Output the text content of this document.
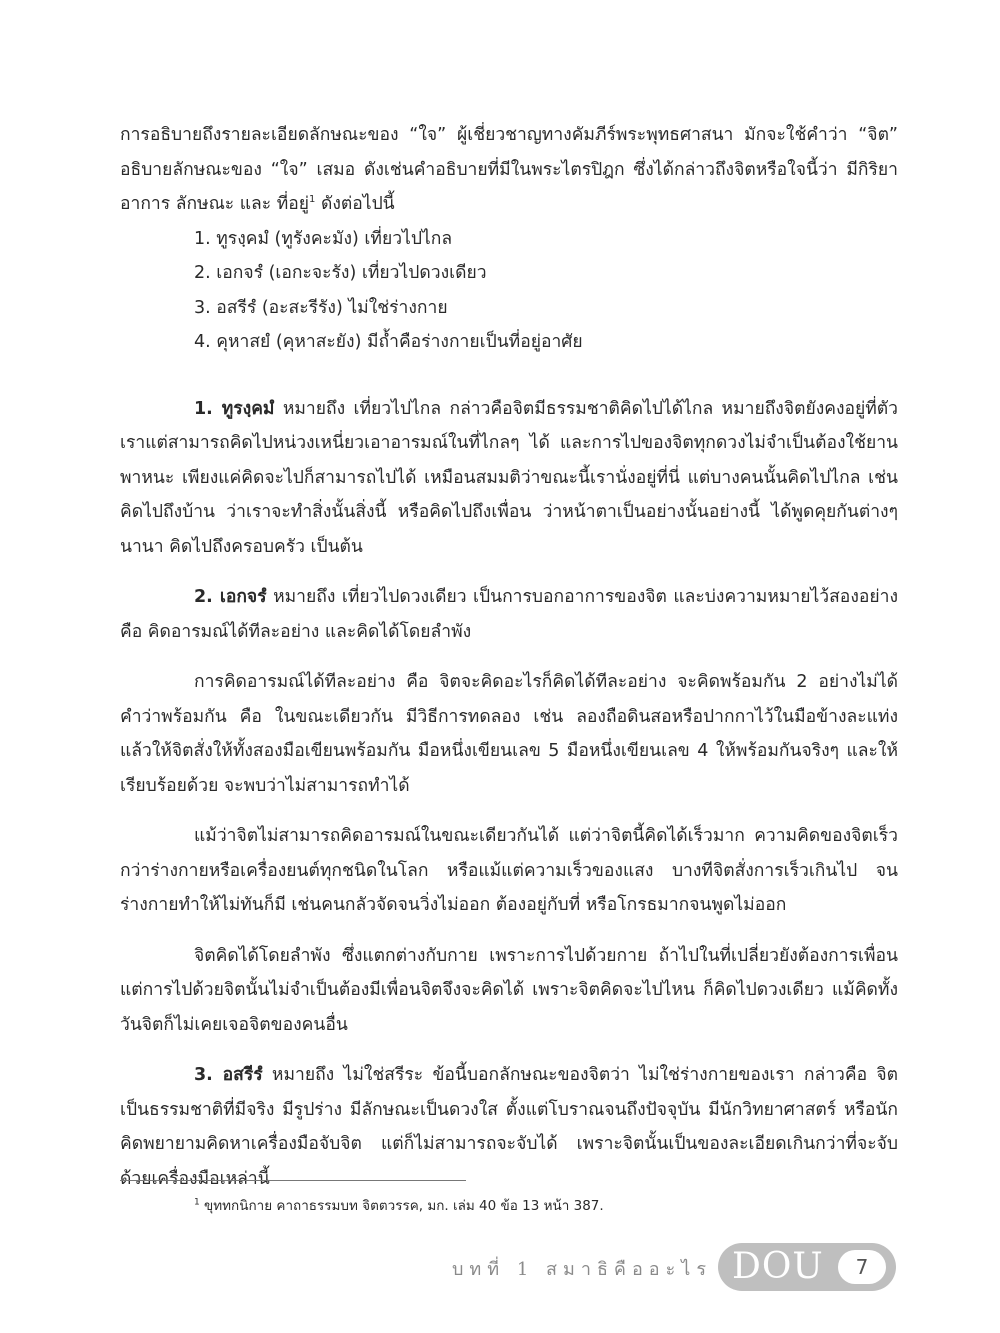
การอธิบายถึงรายละเอียดลักษณะของ “ใจ” ผู้เชี่ยวชาญทางคัมภีร์พระพุทธศาสนา มักจะใช้คำว่า “จิต” อธิบายลักษณะของ “ใจ” เสมอ ดังเช่นคำอธิบายที่มีในพระไตรปิฎก ซึ่งได้กล่าวถึงจิตหรือใจนี้ว่า มีกิริยาอาการ ลักษณะ และ ที่อยู่$^1$ ดังต่อไปนี้

1. ทูรงฺคมํ (ทูรังคะมัง) เที่ยวไปไกล
2. เอกจรํ (เอกะจะรัง) เที่ยวไปดวงเดียว
3. อสรีรํ (อะสะรีรัง) ไม่ใช่ร่างกาย
4. คุหาสยํ (คุหาสะยัง) มีถ้ำคือร่างกายเป็นที่อยู่อาศัย

1. ทูรงฺคมํ หมายถึง เที่ยวไปไกล กล่าวคือจิตมีธรรมชาติคิดไปได้ไกล หมายถึงจิตยังคงอยู่ที่ตัวเราแต่สามารถคิดไปหน่วงเหนี่ยวเอาอารมณ์ในที่ไกลๆ ได้ และการไปของจิตทุกดวงไม่จำเป็นต้องใช้ยานพาหนะ เพียงแค่คิดจะไปก็สามารถไปได้ เหมือนสมมติว่าขณะนี้เรานั่งอยู่ที่นี่ แต่บางคนนั้นคิดไปไกล เช่น คิดไปถึงบ้าน ว่าเราจะทำสิ่งนั้นสิ่งนี้ หรือคิดไปถึงเพื่อน ว่าหน้าตาเป็นอย่างนั้นอย่างนี้ ได้พูดคุยกันต่างๆ นานา คิดไปถึงครอบครัว เป็นต้น

2. เอกจรํ หมายถึง เที่ยวไปดวงเดียว เป็นการบอกอาการของจิต และบ่งความหมายไว้สองอย่าง คือ คิดอารมณ์ได้ทีละอย่าง และคิดได้โดยลำพัง

การคิดอารมณ์ได้ทีละอย่าง คือ จิตจะคิดอะไรก็คิดได้ทีละอย่าง จะคิดพร้อมกัน 2 อย่างไม่ได้ คำว่าพร้อมกัน คือ ในขณะเดียวกัน มีวิธีการทดลอง เช่น ลองถือดินสอหรือปากกาไว้ในมือข้างละแท่ง แล้วให้จิตสั่งให้ทั้งสองมือเขียนพร้อมกัน มือหนึ่งเขียนเลข 5 มือหนึ่งเขียนเลข 4 ให้พร้อมกันจริงๆ และให้เรียบร้อยด้วย จะพบว่าไม่สามารถทำได้

แม้ว่าจิตไม่สามารถคิดอารมณ์ในขณะเดียวกันได้ แต่ว่าจิตนี้คิดได้เร็วมาก ความคิดของจิตเร็วกว่าร่างกายหรือเครื่องยนต์ทุกชนิดในโลก หรือแม้แต่ความเร็วของแสง บางทีจิตสั่งการเร็วเกินไป จนร่างกายทำให้ไม่ทันก็มี เช่นคนกลัวจัดจนวิ่งไม่ออก ต้องอยู่กับที่ หรือโกรธมากจนพูดไม่ออก

จิตคิดได้โดยลำพัง ซึ่งแตกต่างกับกาย เพราะการไปด้วยกาย ถ้าไปในที่เปลี่ยวยังต้องการเพื่อน แต่การไปด้วยจิตนั้นไม่จำเป็นต้องมีเพื่อนจิตจึงจะคิดได้ เพราะจิตคิดจะไปไหน ก็คิดไปดวงเดียว แม้คิดทั้งวันจิตก็ไม่เคยเจอจิตของคนอื่น

3. อสรีรํ หมายถึง ไม่ใช่สรีระ ข้อนี้บอกลักษณะของจิตว่า ไม่ใช่ร่างกายของเรา กล่าวคือ จิต เป็นธรรมชาติที่มีจริง มีรูปร่าง มีลักษณะเป็นดวงใส ตั้งแต่โบราณจนถึงปัจจุบัน มีนักวิทยาศาสตร์ หรือนักคิดพยายามคิดหาเครื่องมือจับจิต แต่ก็ไม่สามารถจะจับได้ เพราะจิตนั้นเป็นของละเอียดเกินกว่าที่จะจับด้วยเครื่องมือเหล่านี้

$^1$ ขุททกนิกาย คาถาธรรมบท จิตตวรรค, มก. เล่ม 40 ข้อ 13 หน้า 387.
บทที่ 1 สมาธิคืออะไร DOU	7
